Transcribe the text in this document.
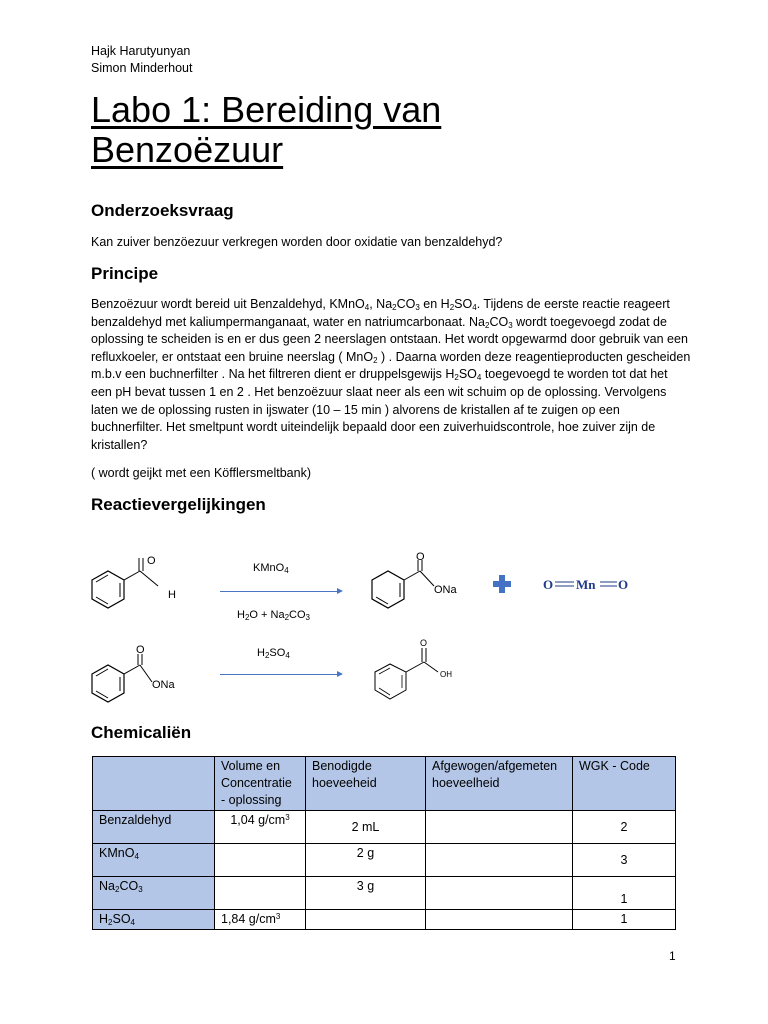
Hajk Harutyunyan
Simon Minderhout
Labo 1: Bereiding van
Benzoëzuur
Onderzoeksvraag

Kan zuiver benzöezuur verkregen worden door oxidatie van benzaldehyd?

Principe

Benzoëzuur wordt bereid uit Benzaldehyd, KMnO$_4$, $Na_2CO_3$ en $H_2SO_4$. Tijdens de eerste reactie reageert benzaldehyd met kaliumpermanganaat, water en natriumcarbonaat. $Na_2CO_3$ wordt toegevoegd zodat de oplossing te scheiden is en er dus geen 2 neerslagen ontstaan. Het wordt opgewarmd door gebruik van een refluxkoeler, er ontstaat een bruine neerslag ( MnO$_2$ ) . Daarna worden deze reagentieproducten gescheiden m.b.v een buchnerfilter . Na het filtreren dient er druppelsgewijs $H_2SO_4$ toegevoegd te worden tot dat het een pH bevat tussen 1 en 2 . Het benzoëzuur slaat neer als een wit schuim op de oplossing. Vervolgens laten we de oplossing rusten in ijswater (10 – 15 min ) alvorens de kristallen af te zuigen op een buchnerfilter. Het smeltpunt wordt uiteindelijk bepaald door een zuiverhuidscontrole, hoe zuiver zijn de kristallen?

( wordt geijkt met een Köfflersmeltbank)

Reactievergelijkingen
O
H
KMnO$_4$
$H_2O + Na_2CO_3$
O
ONa	O Mn O
O
ONa
$H_2SO_4$
O
OH
Chemicaliën
	Volume en Concentratie - oplossing	Benodigde hoeveeheid	Afgewogen/afgemeten hoeveelheid	WGK - Code
Benzaldehyd	1,04 $g/cm^3$	2 mL		2
KMnO$_4$		2 g		3
$Na_2CO_3$		3 g		1
$H_2SO_4$	1,84 $g/cm^3$			1
1
